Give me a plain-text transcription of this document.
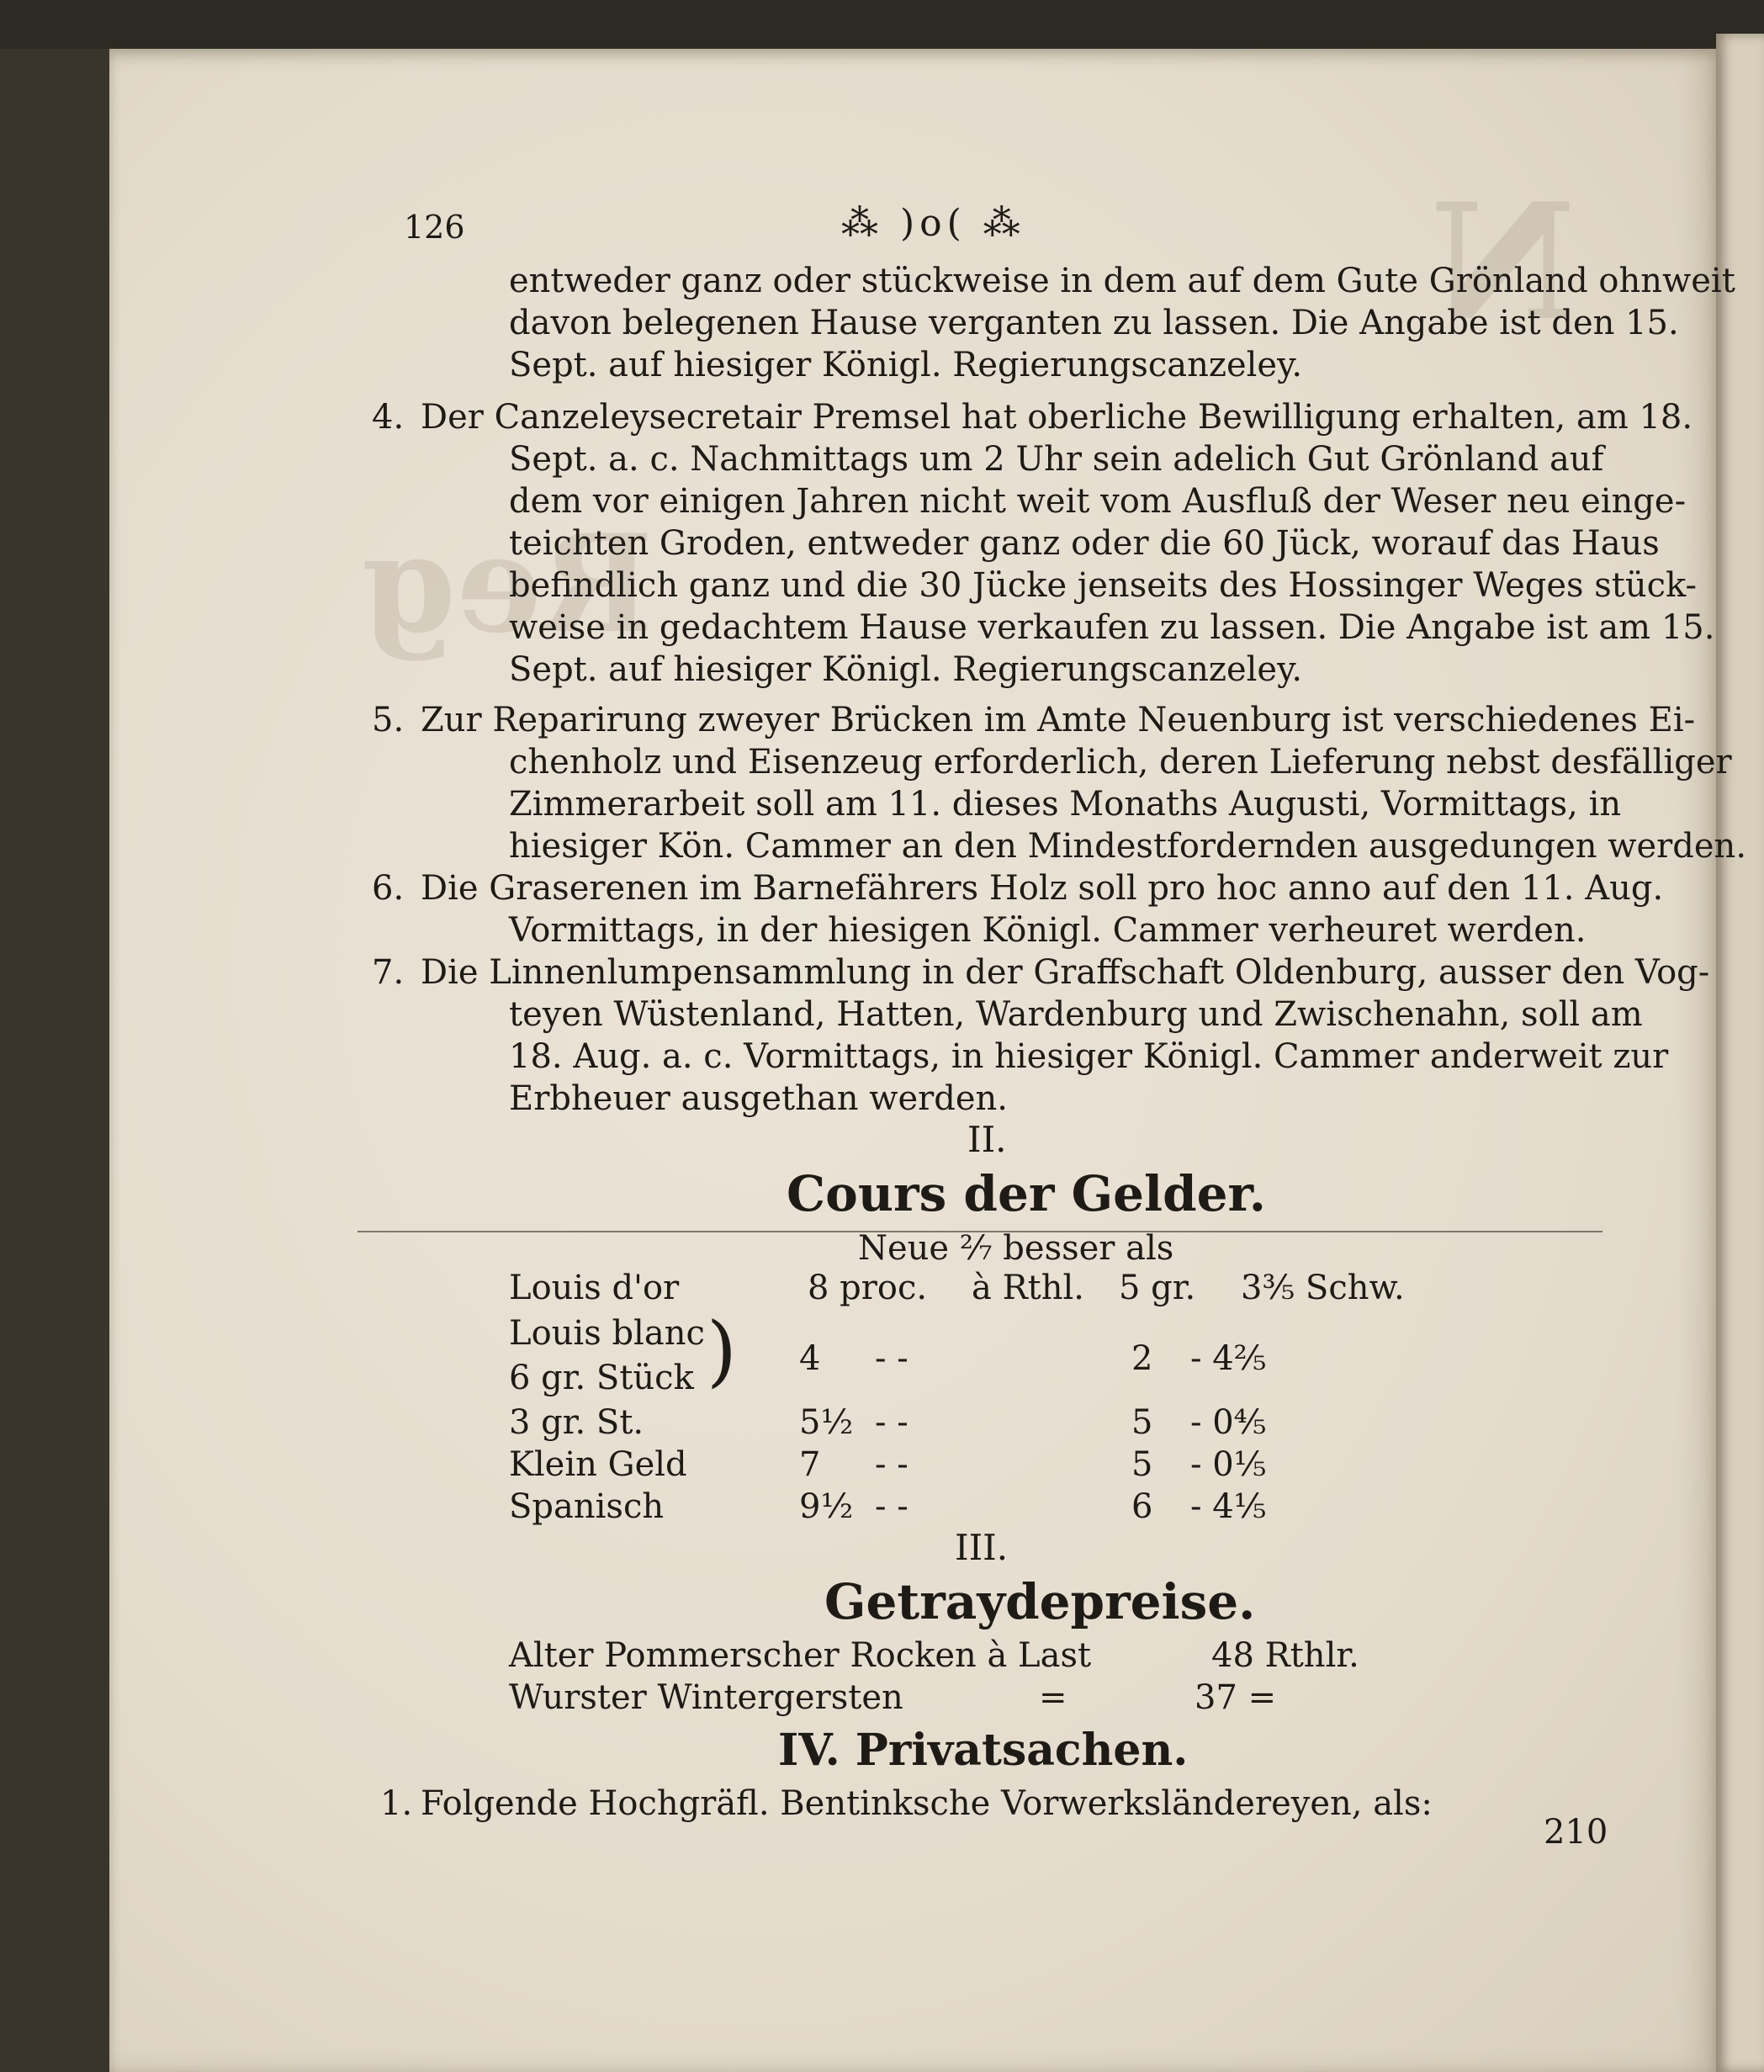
N
Reg
126	⁂ )o( ⁂
entweder ganz oder stückweise in dem auf dem Gute Grönland ohnweit
davon belegenen Hause verganten zu lassen. Die Angabe ist den 15.
Sept. auf hiesiger Königl. Regierungscanzeley.
4. Der Canzeleysecretair Premsel hat oberliche Bewilligung erhalten, am 18.
Sept. a. c. Nachmittags um 2 Uhr sein adelich Gut Grönland auf
dem vor einigen Jahren nicht weit vom Ausfluß der Weser neu einge-
teichten Groden, entweder ganz oder die 60 Jück, worauf das Haus
befindlich ganz und die 30 Jücke jenseits des Hossinger Weges stück-
weise in gedachtem Hause verkaufen zu lassen. Die Angabe ist am 15.
Sept. auf hiesiger Königl. Regierungscanzeley.
5. Zur Reparirung zweyer Brücken im Amte Neuenburg ist verschiedenes Ei-
chenholz und Eisenzeug erforderlich, deren Lieferung nebst desfälliger
Zimmerarbeit soll am 11. dieses Monaths Augusti, Vormittags, in
hiesiger Kön. Cammer an den Mindestfordernden ausgedungen werden.
6. Die Graserenen im Barnefährers Holz soll pro hoc anno auf den 11. Aug.
Vormittags, in der hiesigen Königl. Cammer verheuret werden.
7. Die Linnenlumpensammlung in der Graffschaft Oldenburg, ausser den Vog-
teyen Wüstenland, Hatten, Wardenburg und Zwischenahn, soll am
18. Aug. a. c. Vormittags, in hiesiger Königl. Cammer anderweit zur
Erbheuer ausgethan werden.
II.
Cours der Gelder.
Neue ²⁄₇ besser als
Louis d'or	8 proc. à Rthl. 5 gr. 3³⁄₅ Schw.
Louis blanc )
6 gr. Stück	4 - -	2 - 4²⁄₅
3 gr. St.	5½ - -	5 - 0⁴⁄₅
Klein Geld	7 - -	5 - 0¹⁄₅
Spanisch	9½ - -	6 - 4¹⁄₅
III.
Getraydepreise.
Alter Pommerscher Rocken à Last	48 Rthlr.
Wurster Wintergersten	=	37 =
IV. Privatsachen.
1. Folgende Hochgräfl. Bentinksche Vorwerksländereyen, als:
210
